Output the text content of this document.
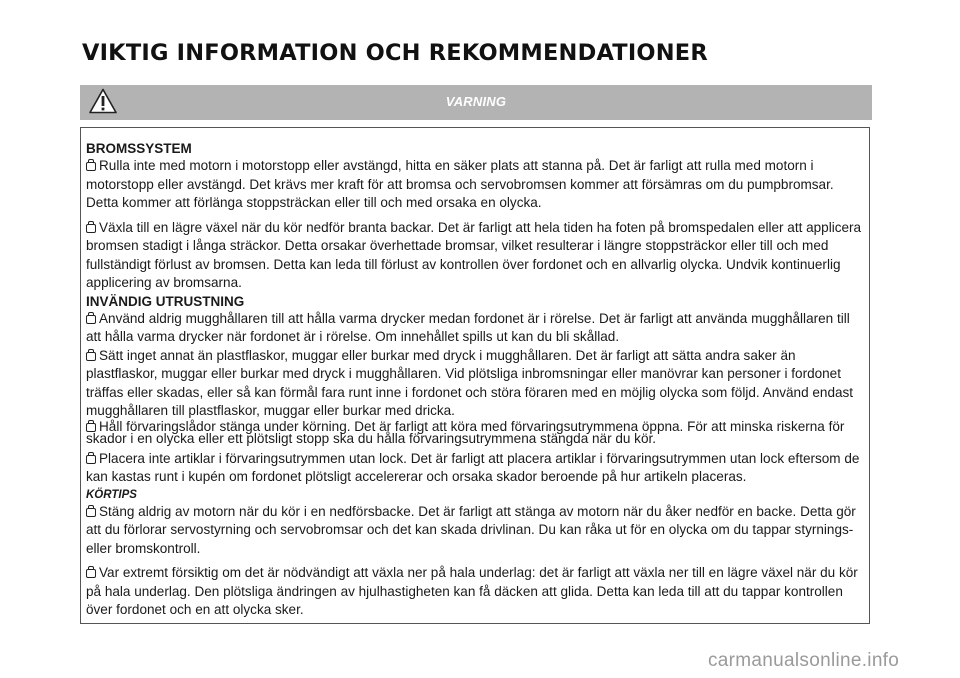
VIKTIG INFORMATION OCH REKOMMENDATIONER
VARNING
BROMSSYSTEM

Rulla inte med motorn i motorstopp eller avstängd, hitta en säker plats att stanna på. Det är farligt att rulla med motorn i motorstopp eller avstängd. Det krävs mer kraft för att bromsa och servobromsen kommer att försämras om du pumpbromsar. Detta kommer att förlänga stoppsträckan eller till och med orsaka en olycka.

Växla till en lägre växel när du kör nedför branta backar. Det är farligt att hela tiden ha foten på bromspedalen eller att applicera bromsen stadigt i långa sträckor. Detta orsakar överhettade bromsar, vilket resulterar i längre stoppsträckor eller till och med fullständigt förlust av bromsen. Detta kan leda till förlust av kontrollen över fordonet och en allvarlig olycka. Undvik kontinuerlig applicering av bromsarna.

INVÄNDIG UTRUSTNING

Använd aldrig mugghållaren till att hålla varma drycker medan fordonet är i rörelse. Det är farligt att använda mugghållaren till att hålla varma drycker när fordonet är i rörelse. Om innehållet spills ut kan du bli skållad.

Sätt inget annat än plastflaskor, muggar eller burkar med dryck i mugghållaren. Det är farligt att sätta andra saker än plastflaskor, muggar eller burkar med dryck i mugghållaren. Vid plötsliga inbromsningar eller manövrar kan personer i fordonet träffas eller skadas, eller så kan förmål fara runt inne i fordonet och störa föraren med en möjlig olycka som följd. Använd endast mugghållaren till plastflaskor, muggar eller burkar med dricka.

Håll förvaringslådor stänga under körning. Det är farligt att köra med förvaringsutrymmena öppna. För att minska riskerna för skador i en olycka eller ett plötsligt stopp ska du hålla förvaringsutrymmena stängda när du kör.

Placera inte artiklar i förvaringsutrymmen utan lock. Det är farligt att placera artiklar i förvaringsutrymmen utan lock eftersom de kan kastas runt i kupén om fordonet plötsligt accelererar och orsaka skador beroende på hur artikeln placeras.

KÖRTIPS

Stäng aldrig av motorn när du kör i en nedförsbacke. Det är farligt att stänga av motorn när du åker nedför en backe. Detta gör att du förlorar servostyrning och servobromsar och det kan skada drivlinan. Du kan råka ut för en olycka om du tappar styrnings- eller bromskontroll.

Var extremt försiktig om det är nödvändigt att växla ner på hala underlag: det är farligt att växla ner till en lägre växel när du kör på hala underlag. Den plötsliga ändringen av hjulhastigheten kan få däcken att glida. Detta kan leda till att du tappar kontrollen över fordonet och en att olycka sker.

carmanualsonline.info
